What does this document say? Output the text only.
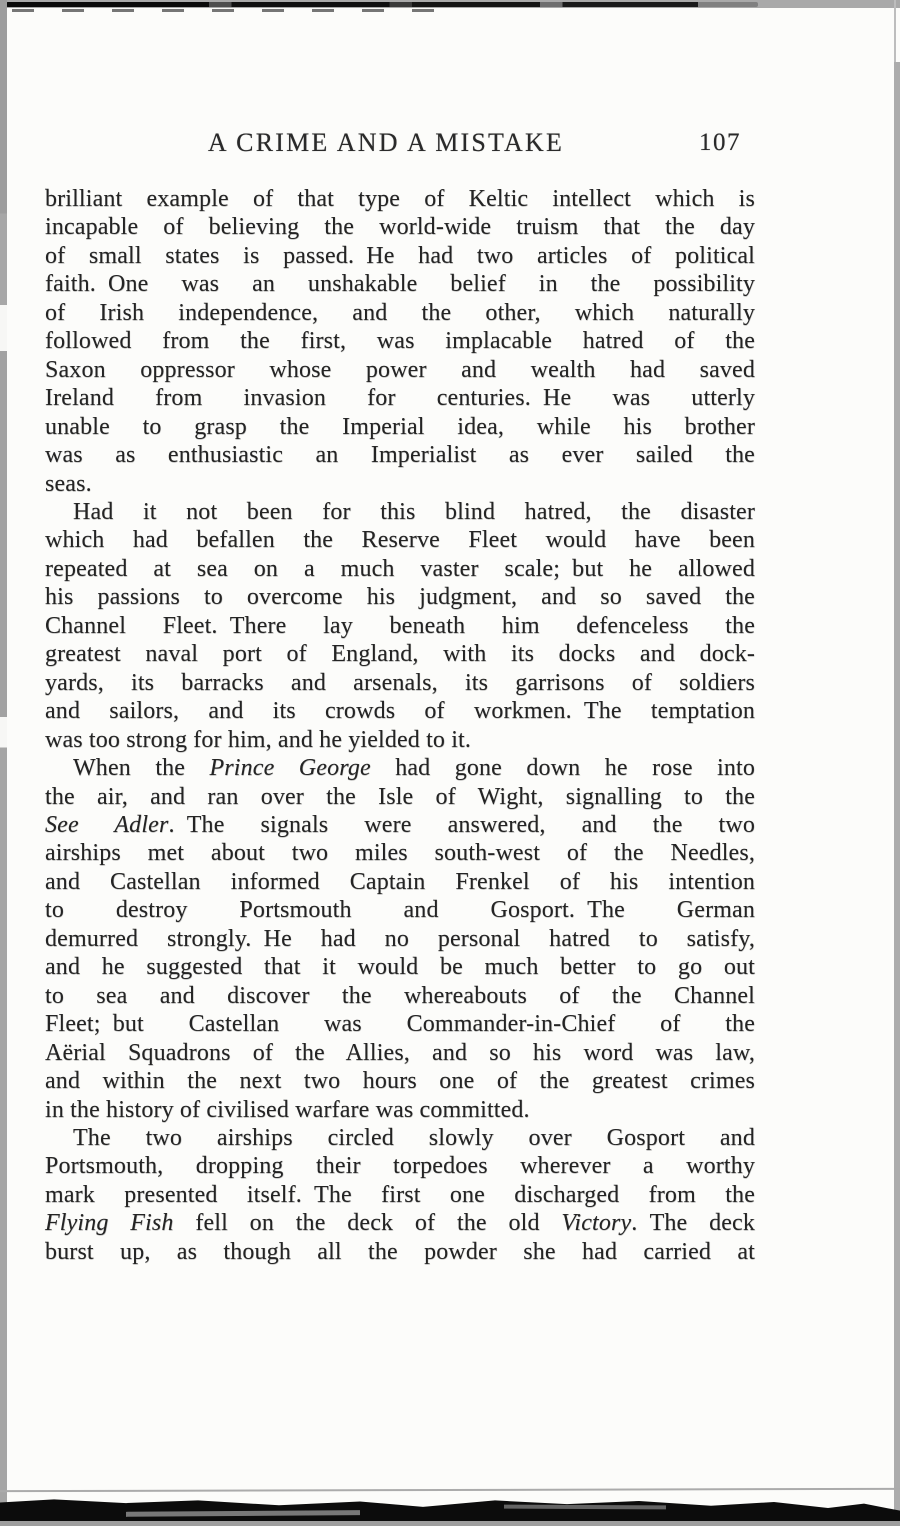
A CRIME AND A MISTAKE	107
brilliant example of that type of Keltic intellect which is
incapable of believing the world-wide truism that the day
of small states is passed. He had two articles of political
faith. One was an unshakable belief in the possibility
of Irish independence, and the other, which naturally
followed from the first, was implacable hatred of the
Saxon oppressor whose power and wealth had saved
Ireland from invasion for centuries. He was utterly
unable to grasp the Imperial idea, while his brother
was as enthusiastic an Imperialist as ever sailed the
seas.
Had it not been for this blind hatred, the disaster
which had befallen the Reserve Fleet would have been
repeated at sea on a much vaster scale; but he allowed
his passions to overcome his judgment, and so saved the
Channel Fleet. There lay beneath him defenceless the
greatest naval port of England, with its docks and dock-
yards, its barracks and arsenals, its garrisons of soldiers
and sailors, and its crowds of workmen. The temptation
was too strong for him, and he yielded to it.
When the Prince George had gone down he rose into
the air, and ran over the Isle of Wight, signalling to the
See Adler. The signals were answered, and the two
airships met about two miles south-west of the Needles,
and Castellan informed Captain Frenkel of his intention
to destroy Portsmouth and Gosport. The German
demurred strongly. He had no personal hatred to satisfy,
and he suggested that it would be much better to go out
to sea and discover the whereabouts of the Channel
Fleet; but Castellan was Commander-in-Chief of the
Aërial Squadrons of the Allies, and so his word was law,
and within the next two hours one of the greatest crimes
in the history of civilised warfare was committed.
The two airships circled slowly over Gosport and
Portsmouth, dropping their torpedoes wherever a worthy
mark presented itself. The first one discharged from the
Flying Fish fell on the deck of the old Victory. The deck
burst up, as though all the powder she had carried at
